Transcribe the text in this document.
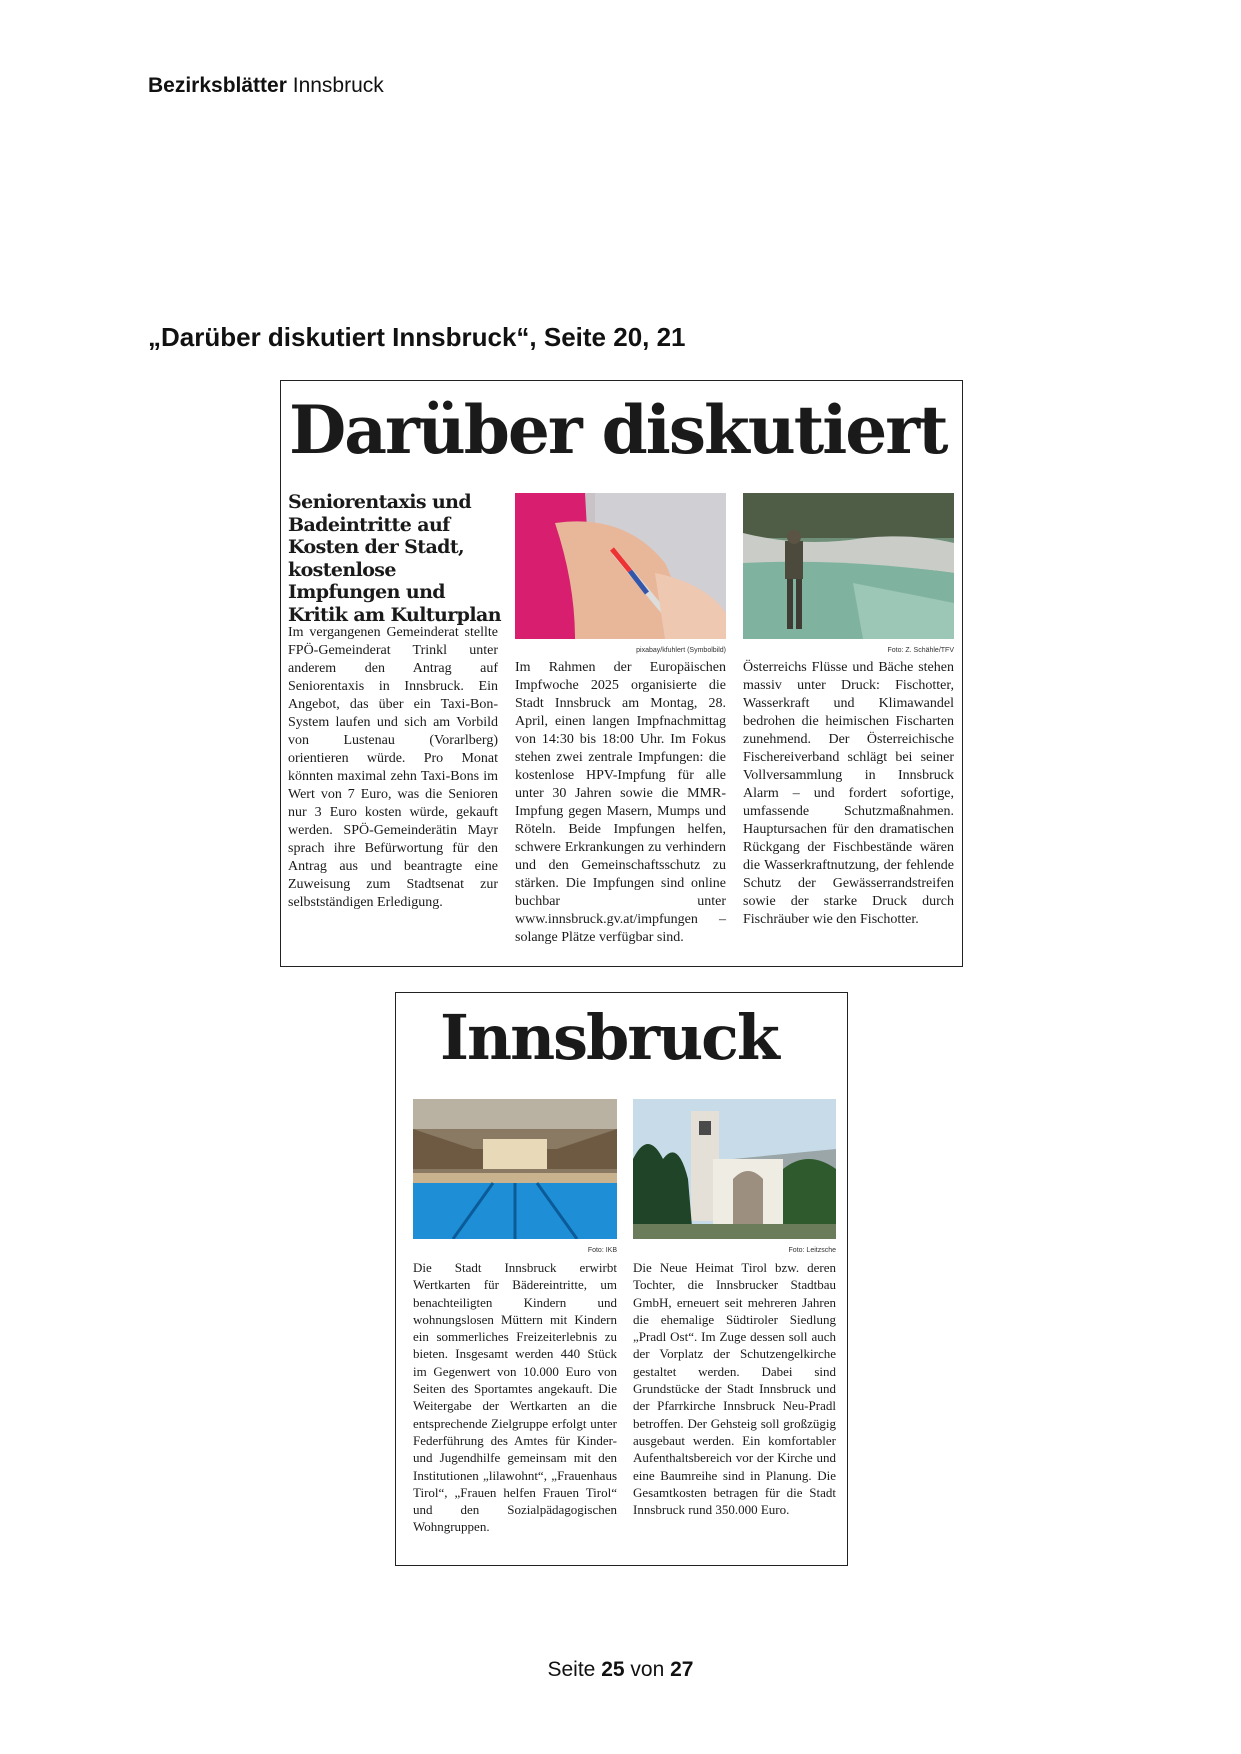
Bezirksblätter Innsbruck
„Darüber diskutiert Innsbruck“, Seite 20, 21
Darüber diskutiert
Seniorentaxis und Badeintritte auf Kosten der Stadt, kostenlose Impfungen und Kritik am Kulturplan

Im vergangenen Gemeinderat stellte FPÖ-Gemeinderat Trinkl unter anderem den Antrag auf Seniorentaxis in Innsbruck. Ein Angebot, das über ein Taxi-Bon-System laufen und sich am Vorbild von Lustenau (Vorarlberg) orientieren würde. Pro Monat könnten maximal zehn Taxi-Bons im Wert von 7 Euro, was die Senioren nur 3 Euro kosten würde, gekauft werden. SPÖ-Gemeinderätin Mayr sprach ihre Befürwortung für den Antrag aus und beantragte eine Zuweisung zum Stadtsenat zur selbstständigen Erledigung.

pixabay/kfuhlert (Symbolbild)

Im Rahmen der Europäischen Impfwoche 2025 organisierte die Stadt Innsbruck am Montag, 28. April, einen langen Impfnachmittag von 14:30 bis 18:00 Uhr. Im Fokus stehen zwei zentrale Impfungen: die kostenlose HPV-Impfung für alle unter 30 Jahren sowie die MMR-Impfung gegen Masern, Mumps und Röteln. Beide Impfungen helfen, schwere Erkrankungen zu verhindern und den Gemeinschaftsschutz zu stärken. Die Impfungen sind online buchbar unter www.innsbruck.gv.at/impfungen – solange Plätze verfügbar sind.

Foto: Z. Schähle/TFV

Österreichs Flüsse und Bäche stehen massiv unter Druck: Fischotter, Wasserkraft und Klimawandel bedrohen die heimischen Fischarten zunehmend. Der Österreichische Fischereiverband schlägt bei seiner Vollversammlung in Innsbruck Alarm – und fordert sofortige, umfassende Schutzmaßnahmen. Hauptursachen für den dramatischen Rückgang der Fischbestände wären die Wasserkraftnutzung, der fehlende Schutz der Gewässerrandstreifen sowie der starke Druck durch Fischräuber wie den Fischotter.

Innsbruck

Foto: IKB

Die Stadt Innsbruck erwirbt Wertkarten für Bädereintritte, um benachteiligten Kindern und wohnungslosen Müttern mit Kindern ein sommerliches Freizeiterlebnis zu bieten. Insgesamt werden 440 Stück im Gegenwert von 10.000 Euro von Seiten des Sportamtes angekauft. Die Weitergabe der Wertkarten an die entsprechende Zielgruppe erfolgt unter Federführung des Amtes für Kinder- und Jugendhilfe gemeinsam mit den Institutionen „lilawohnt“, „Frauenhaus Tirol“, „Frauen helfen Frauen Tirol“ und den Sozialpädagogischen Wohngruppen.

Foto: Leitzsche

Die Neue Heimat Tirol bzw. deren Tochter, die Innsbrucker Stadtbau GmbH, erneuert seit mehreren Jahren die ehemalige Südtiroler Siedlung „Pradl Ost“. Im Zuge dessen soll auch der Vorplatz der Schutzengelkirche gestaltet werden. Dabei sind Grundstücke der Stadt Innsbruck und der Pfarrkirche Innsbruck Neu-Pradl betroffen. Der Gehsteig soll großzügig ausgebaut werden. Ein komfortabler Aufenthaltsbereich vor der Kirche und eine Baumreihe sind in Planung. Die Gesamtkosten betragen für die Stadt Innsbruck rund 350.000 Euro.

Seite 25 von 27
